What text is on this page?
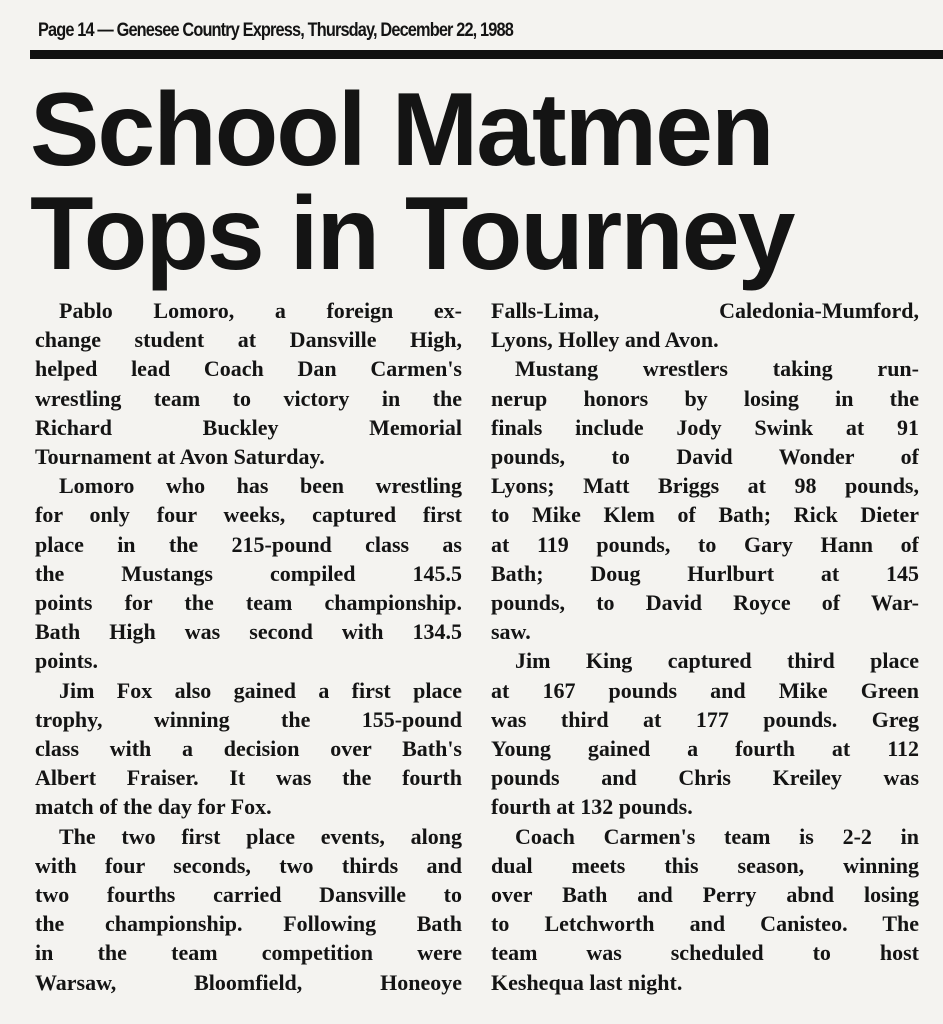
Page 14 — Genesee Country Express, Thursday, December 22, 1988
School Matmen
Tops in Tourney
Pablo Lomoro, a foreign ex-
change student at Dansville High,
helped lead Coach Dan Carmen's
wrestling team to victory in the
Richard Buckley Memorial
Tournament at Avon Saturday.
Lomoro who has been wrestling
for only four weeks, captured first
place in the 215-pound class as
the Mustangs compiled 145.5
points for the team championship.
Bath High was second with 134.5
points.
Jim Fox also gained a first place
trophy, winning the 155-pound
class with a decision over Bath's
Albert Fraiser. It was the fourth
match of the day for Fox.
The two first place events, along
with four seconds, two thirds and
two fourths carried Dansville to
the championship. Following Bath
in the team competition were
Warsaw, Bloomfield, Honeoye
Falls-Lima, Caledonia-Mumford,
Lyons, Holley and Avon.
Mustang wrestlers taking run-
nerup honors by losing in the
finals include Jody Swink at 91
pounds, to David Wonder of
Lyons; Matt Briggs at 98 pounds,
to Mike Klem of Bath; Rick Dieter
at 119 pounds, to Gary Hann of
Bath; Doug Hurlburt at 145
pounds, to David Royce of War-
saw.
Jim King captured third place
at 167 pounds and Mike Green
was third at 177 pounds. Greg
Young gained a fourth at 112
pounds and Chris Kreiley was
fourth at 132 pounds.
Coach Carmen's team is 2-2 in
dual meets this season, winning
over Bath and Perry abnd losing
to Letchworth and Canisteo. The
team was scheduled to host
Keshequa last night.
